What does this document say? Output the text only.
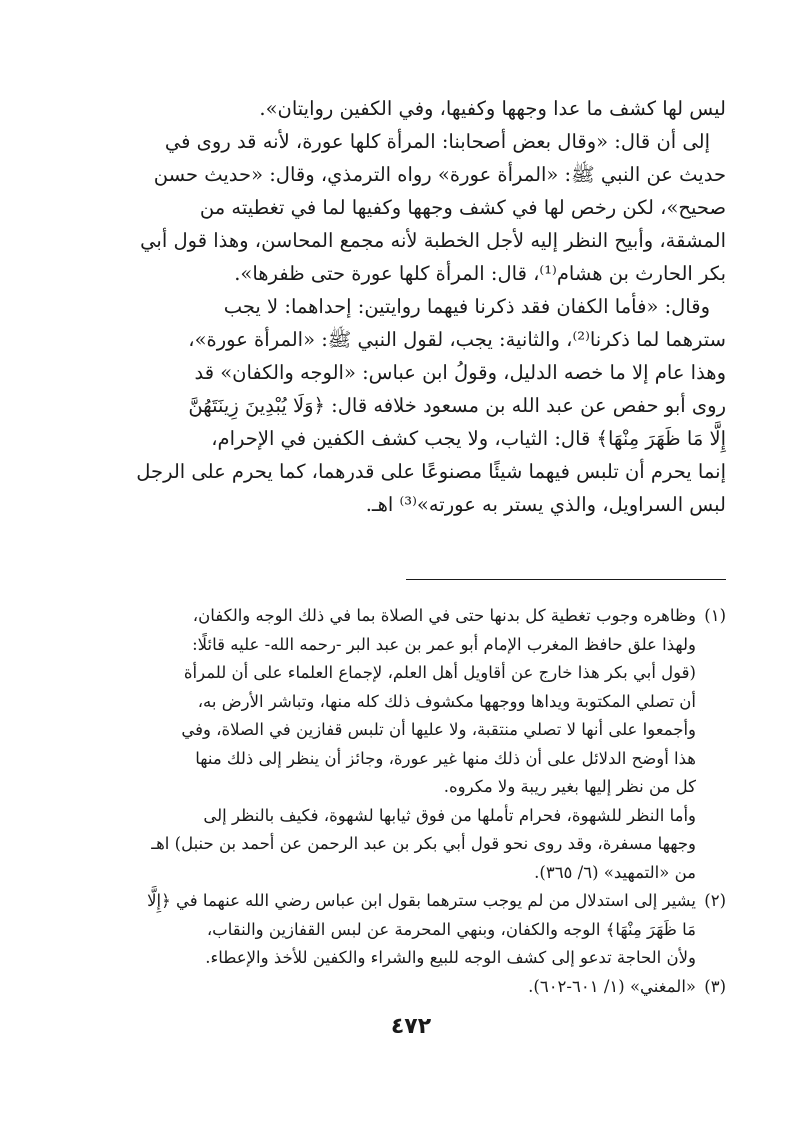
ليس لها كشف ما عدا وجهها وكفيها، وفي الكفين روايتان».
إلى أن قال: «وقال بعض أصحابنا: المرأة كلها عورة، لأنه قد روى في
حديث عن النبي ﷺ: «المرأة عورة» رواه الترمذي، وقال: «حديث حسن
صحيح»، لكن رخص لها في كشف وجهها وكفيها لما في تغطيته من
المشقة، وأبيح النظر إليه لأجل الخطبة لأنه مجمع المحاسن، وهذا قول أبي
بكر الحارث بن هشام⁽¹⁾، قال: المرأة كلها عورة حتى ظفرها».
وقال: «فأما الكفان فقد ذكرنا فيهما روايتين: إحداهما: لا يجب
سترهما لما ذكرنا⁽²⁾، والثانية: يجب، لقول النبي ﷺ: «المرأة عورة»،
وهذا عام إلا ما خصه الدليل، وقولُ ابن عباس: «الوجه والكفان» قد
روى أبو حفص عن عبد الله بن مسعود خلافه قال: ﴿وَلَا يُبْدِينَ زِينَتَهُنَّ
إِلَّا مَا ظَهَرَ مِنْهَا﴾ قال: الثياب، ولا يجب كشف الكفين في الإحرام،
إنما يحرم أن تلبس فيهما شيئًا مصنوعًا على قدرهما، كما يحرم على الرجل
لبس السراويل، والذي يستر به عورته»⁽³⁾ اهـ.
(١)
وظاهره وجوب تغطية كل بدنها حتى في الصلاة بما في ذلك الوجه والكفان،
ولهذا علق حافظ المغرب الإمام أبو عمر بن عبد البر -رحمه الله- عليه قائلًا:
(قول أبي بكر هذا خارج عن أقاويل أهل العلم، لإجماع العلماء على أن للمرأة
أن تصلي المكتوبة ويداها ووجهها مكشوف ذلك كله منها، وتباشر الأرض به،
وأجمعوا على أنها لا تصلي منتقبة، ولا عليها أن تلبس قفازين في الصلاة، وفي
هذا أوضح الدلائل على أن ذلك منها غير عورة، وجائز أن ينظر إلى ذلك منها
كل من نظر إليها بغير ريبة ولا مكروه.
وأما النظر للشهوة، فحرام تأملها من فوق ثيابها لشهوة، فكيف بالنظر إلى
وجهها مسفرة، وقد روى نحو قول أبي بكر بن عبد الرحمن عن أحمد بن حنبل) اهـ
من «التمهيد» (٦/ ٣٦٥).
(٢)
يشير إلى استدلال من لم يوجب سترهما بقول ابن عباس رضي الله عنهما في ﴿إِلَّا
مَا ظَهَرَ مِنْهَا﴾ الوجه والكفان، وبنهي المحرمة عن لبس القفازين والنقاب،
ولأن الحاجة تدعو إلى كشف الوجه للبيع والشراء والكفين للأخذ والإعطاء.
(٣)
«المغني» (١/ ٦٠١-٦٠٢).
٤٧٢
